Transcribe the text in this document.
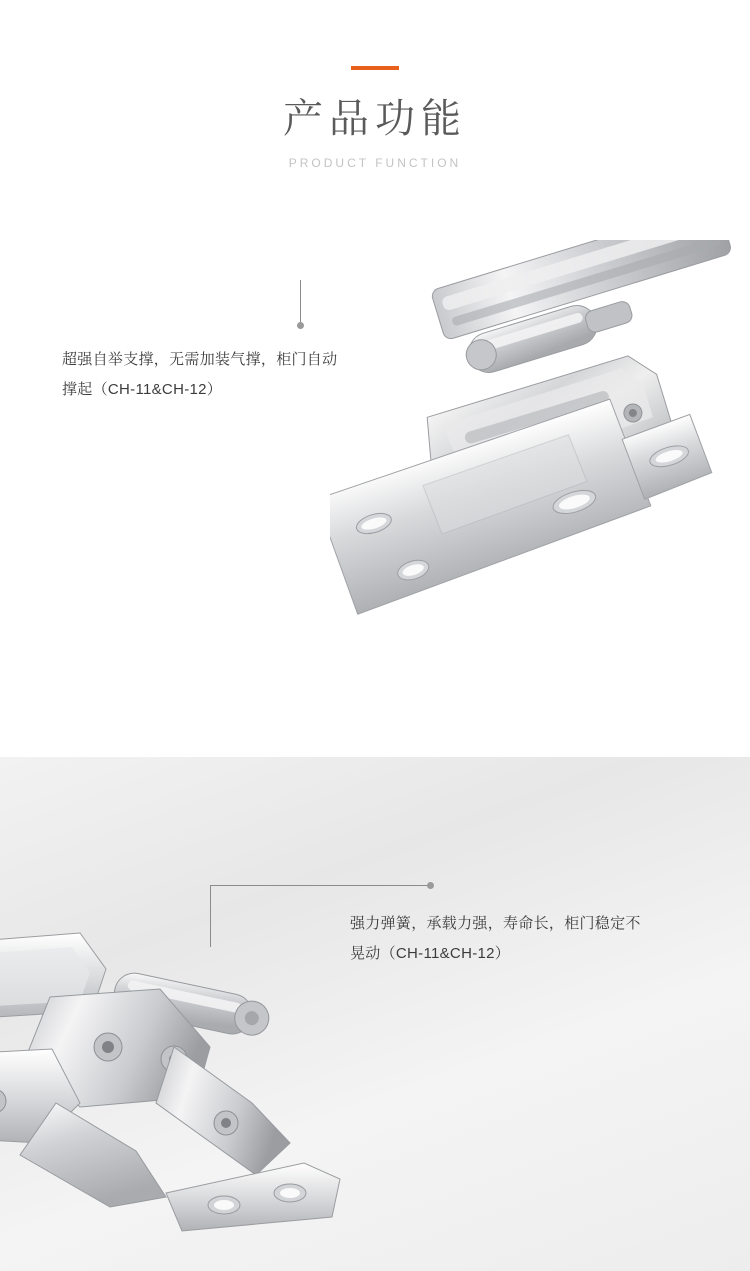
产品功能
PRODUCT FUNCTION
超强自举支撑，无需加装气撑，柜门自动
撑起（CH-11&CH-12）
强力弹簧，承载力强，寿命长，柜门稳定不
晃动（CH-11&CH-12）
